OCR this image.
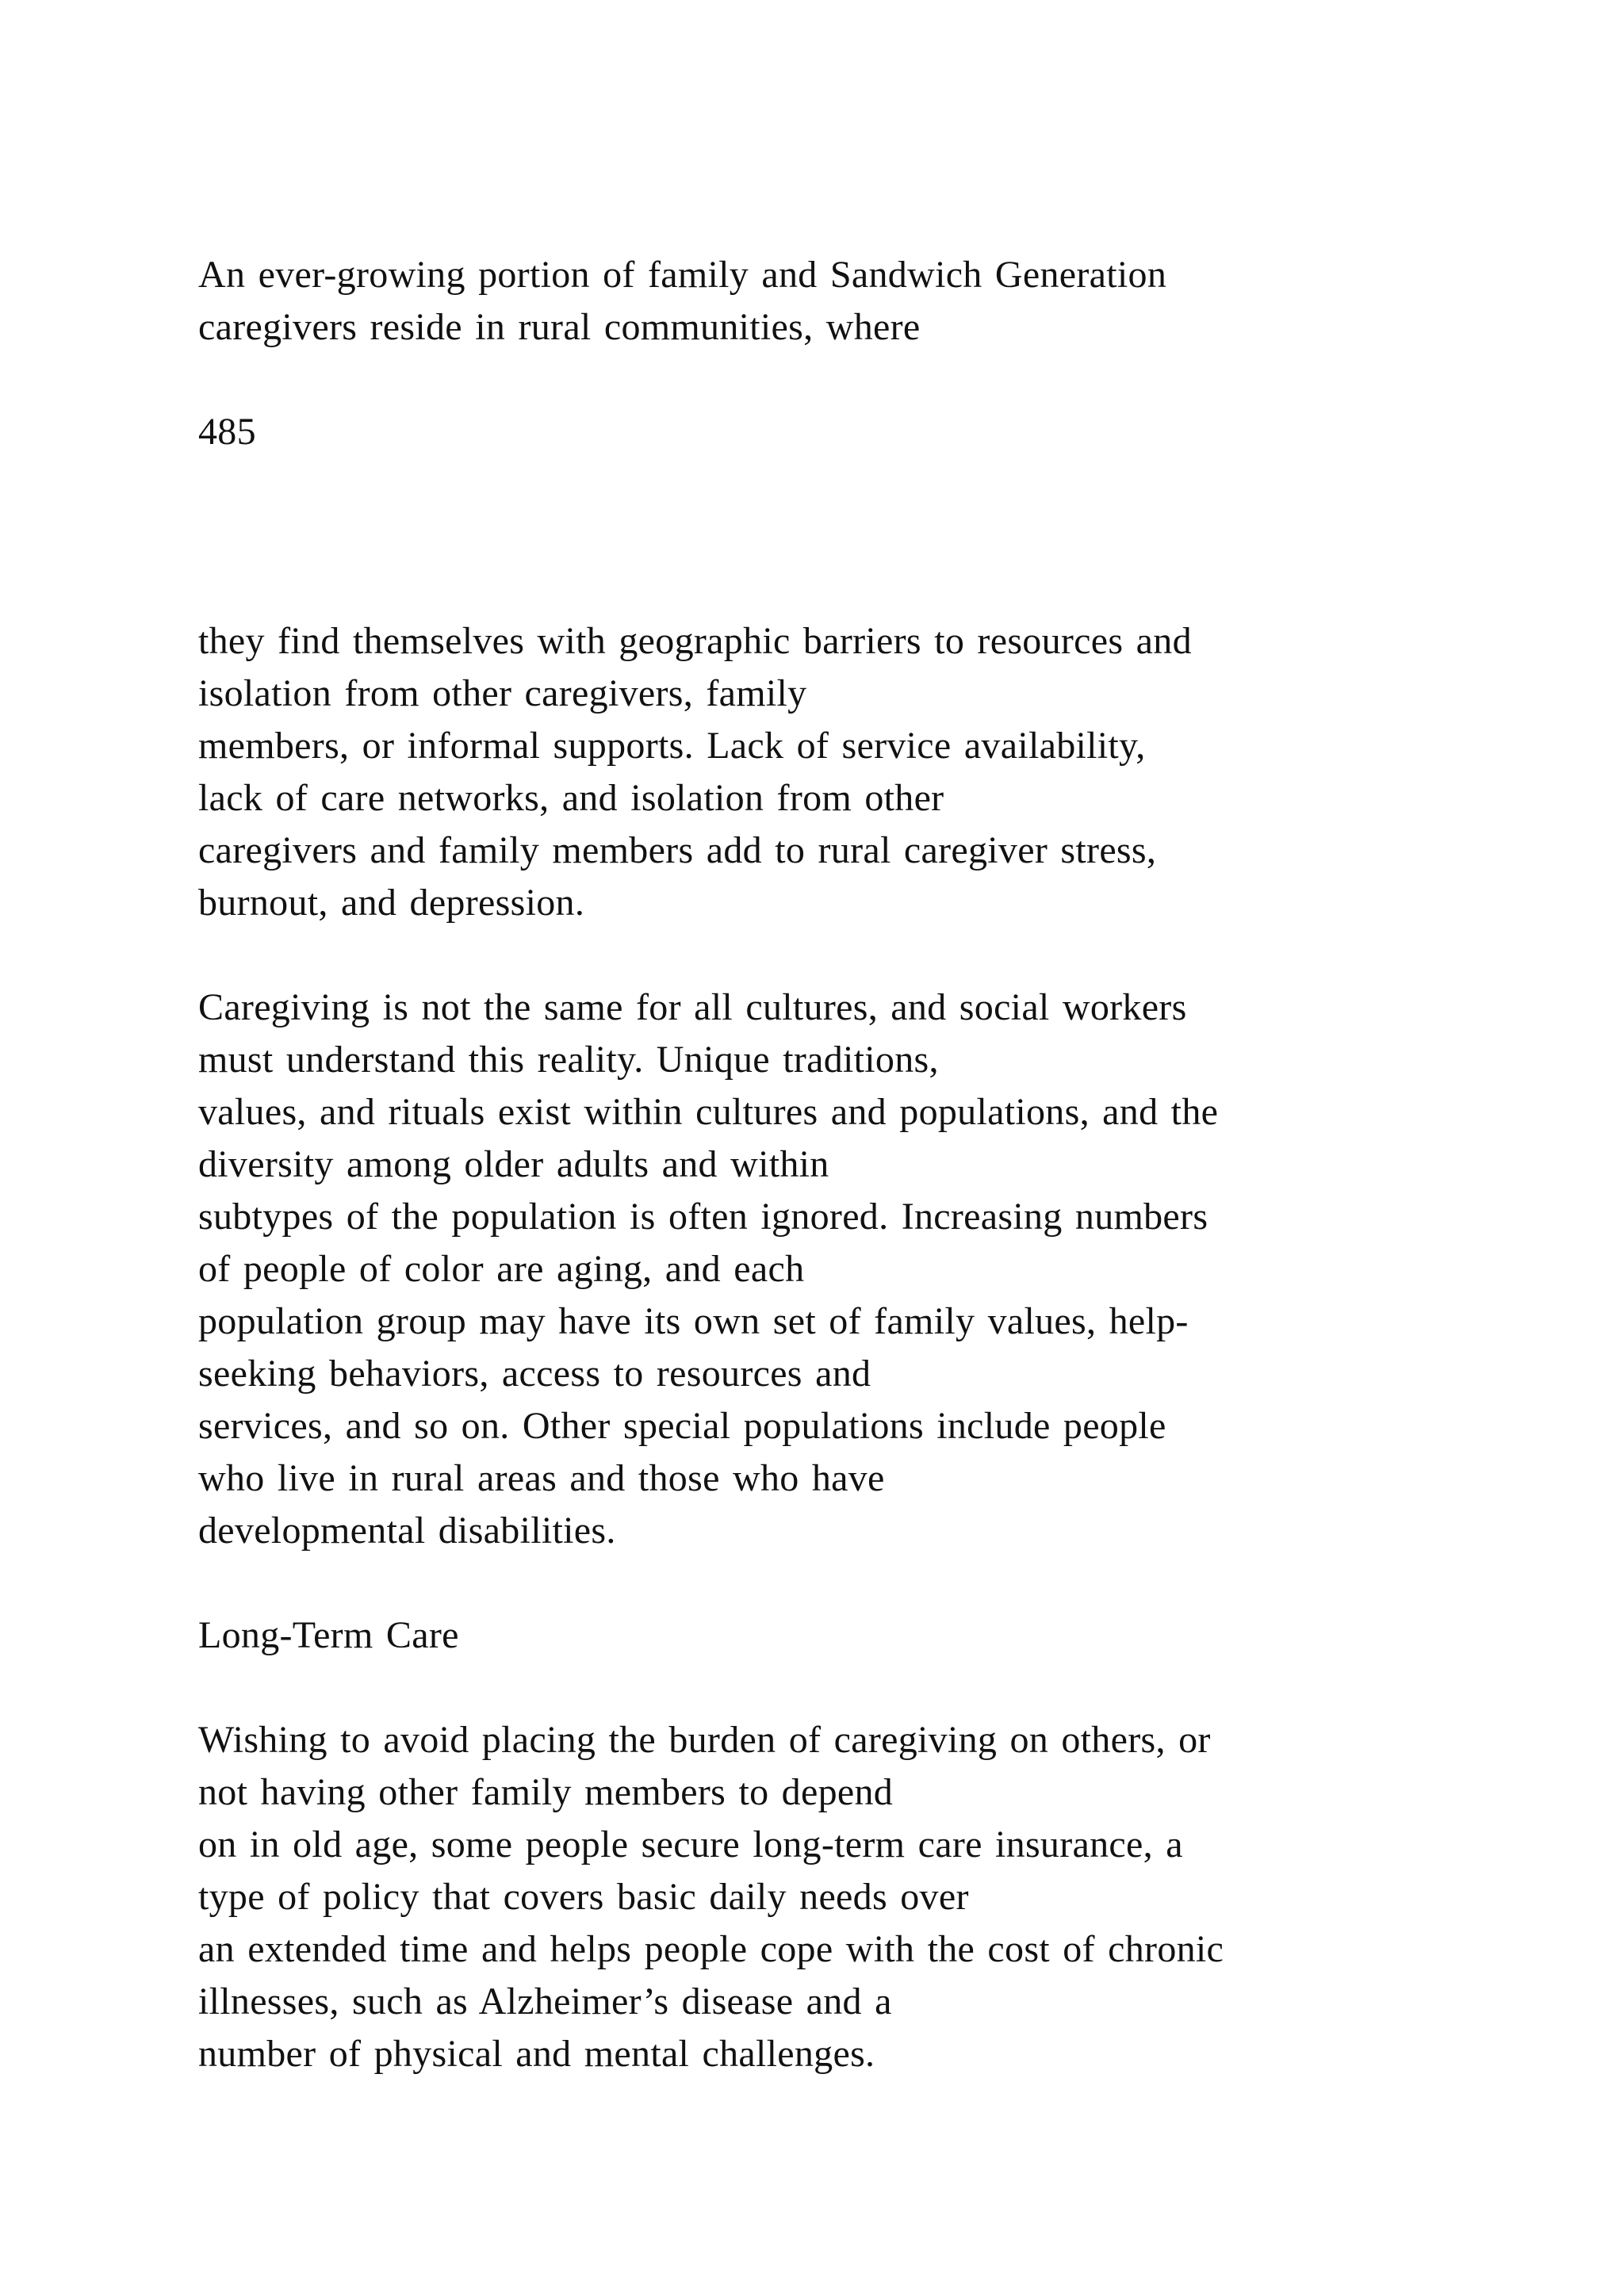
An ever-growing portion of family and Sandwich Generation
caregivers reside in rural communities, where
485
they find themselves with geographic barriers to resources and
isolation from other caregivers, family
members, or informal supports. Lack of service availability,
lack of care networks, and isolation from other
caregivers and family members add to rural caregiver stress,
burnout, and depression.
Caregiving is not the same for all cultures, and social workers
must understand this reality. Unique traditions,
values, and rituals exist within cultures and populations, and the
diversity among older adults and within
subtypes of the population is often ignored. Increasing numbers
of people of color are aging, and each
population group may have its own set of family values, help-
seeking behaviors, access to resources and
services, and so on. Other special populations include people
who live in rural areas and those who have
developmental disabilities.
Long-Term Care
Wishing to avoid placing the burden of caregiving on others, or
not having other family members to depend
on in old age, some people secure long-term care insurance, a
type of policy that covers basic daily needs over
an extended time and helps people cope with the cost of chronic
illnesses, such as Alzheimer’s disease and a
number of physical and mental challenges.
